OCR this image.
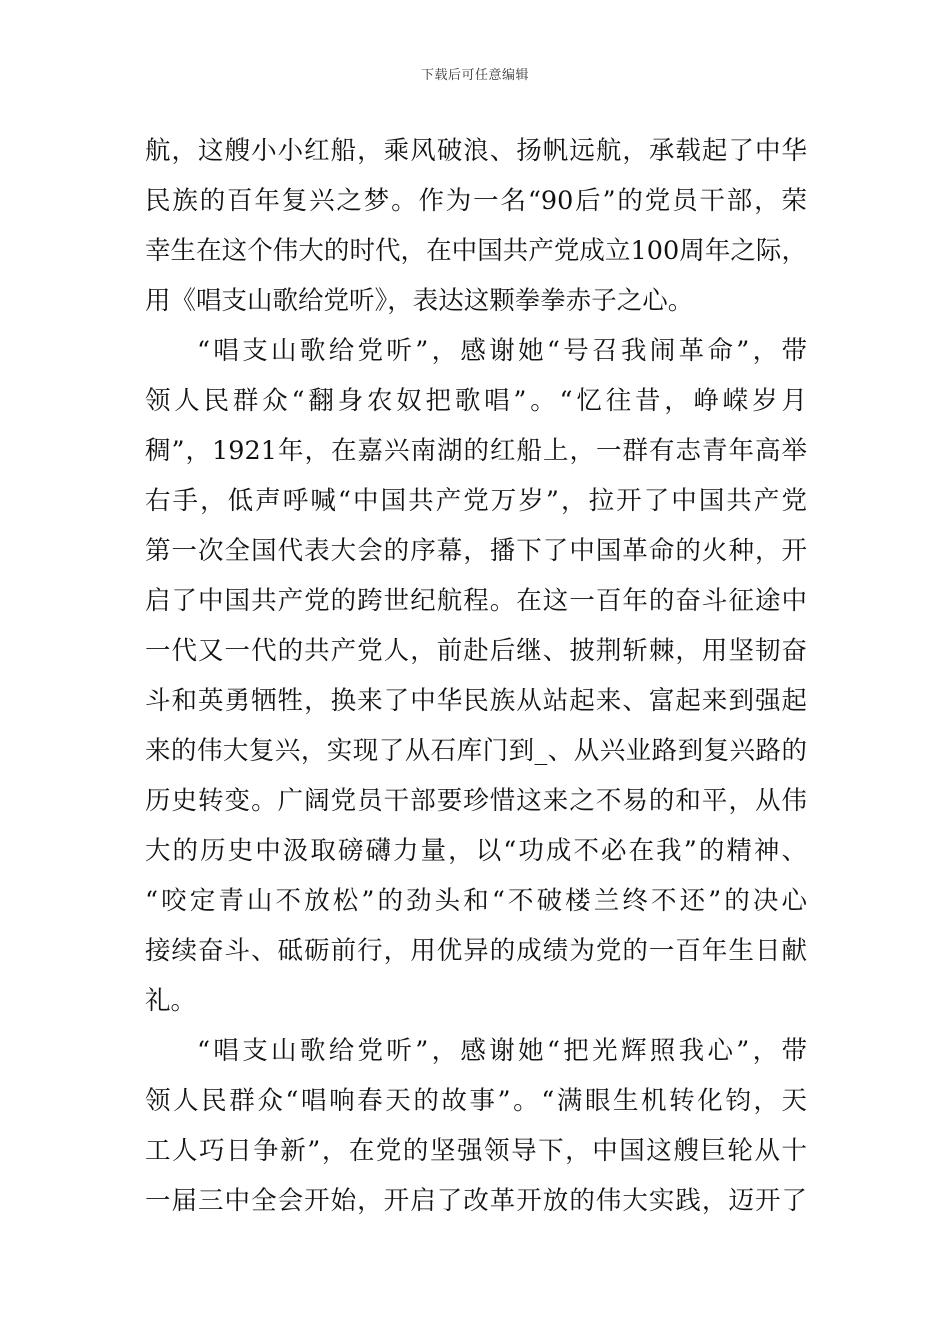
下载后可任意编辑
航，这艘小小红船，乘风破浪、扬帆远航，承载起了中华
民族的百年复兴之梦。作为一名“90后”的党员干部，荣
幸生在这个伟大的时代，在中国共产党成立100周年之际，
用《唱支山歌给党听》，表达这颗拳拳赤子之心。
“唱支山歌给党听”，感谢她“号召我闹革命”，带
领人民群众“翻身农奴把歌唱”。“忆往昔，峥嵘岁月
稠”，1921年，在嘉兴南湖的红船上，一群有志青年高举
右手，低声呼喊“中国共产党万岁”，拉开了中国共产党
第一次全国代表大会的序幕，播下了中国革命的火种，开
启了中国共产党的跨世纪航程。在这一百年的奋斗征途中
一代又一代的共产党人，前赴后继、披荆斩棘，用坚韧奋
斗和英勇牺牲，换来了中华民族从站起来、富起来到强起
来的伟大复兴，实现了从石库门到_、从兴业路到复兴路的
历史转变。广阔党员干部要珍惜这来之不易的和平，从伟
大的历史中汲取磅礴力量，以“功成不必在我”的精神、
“咬定青山不放松”的劲头和“不破楼兰终不还”的决心
接续奋斗、砥砺前行，用优异的成绩为党的一百年生日献
礼。
“唱支山歌给党听”，感谢她“把光辉照我心”，带
领人民群众“唱响春天的故事”。“满眼生机转化钧，天
工人巧日争新”，在党的坚强领导下，中国这艘巨轮从十
一届三中全会开始，开启了改革开放的伟大实践，迈开了
